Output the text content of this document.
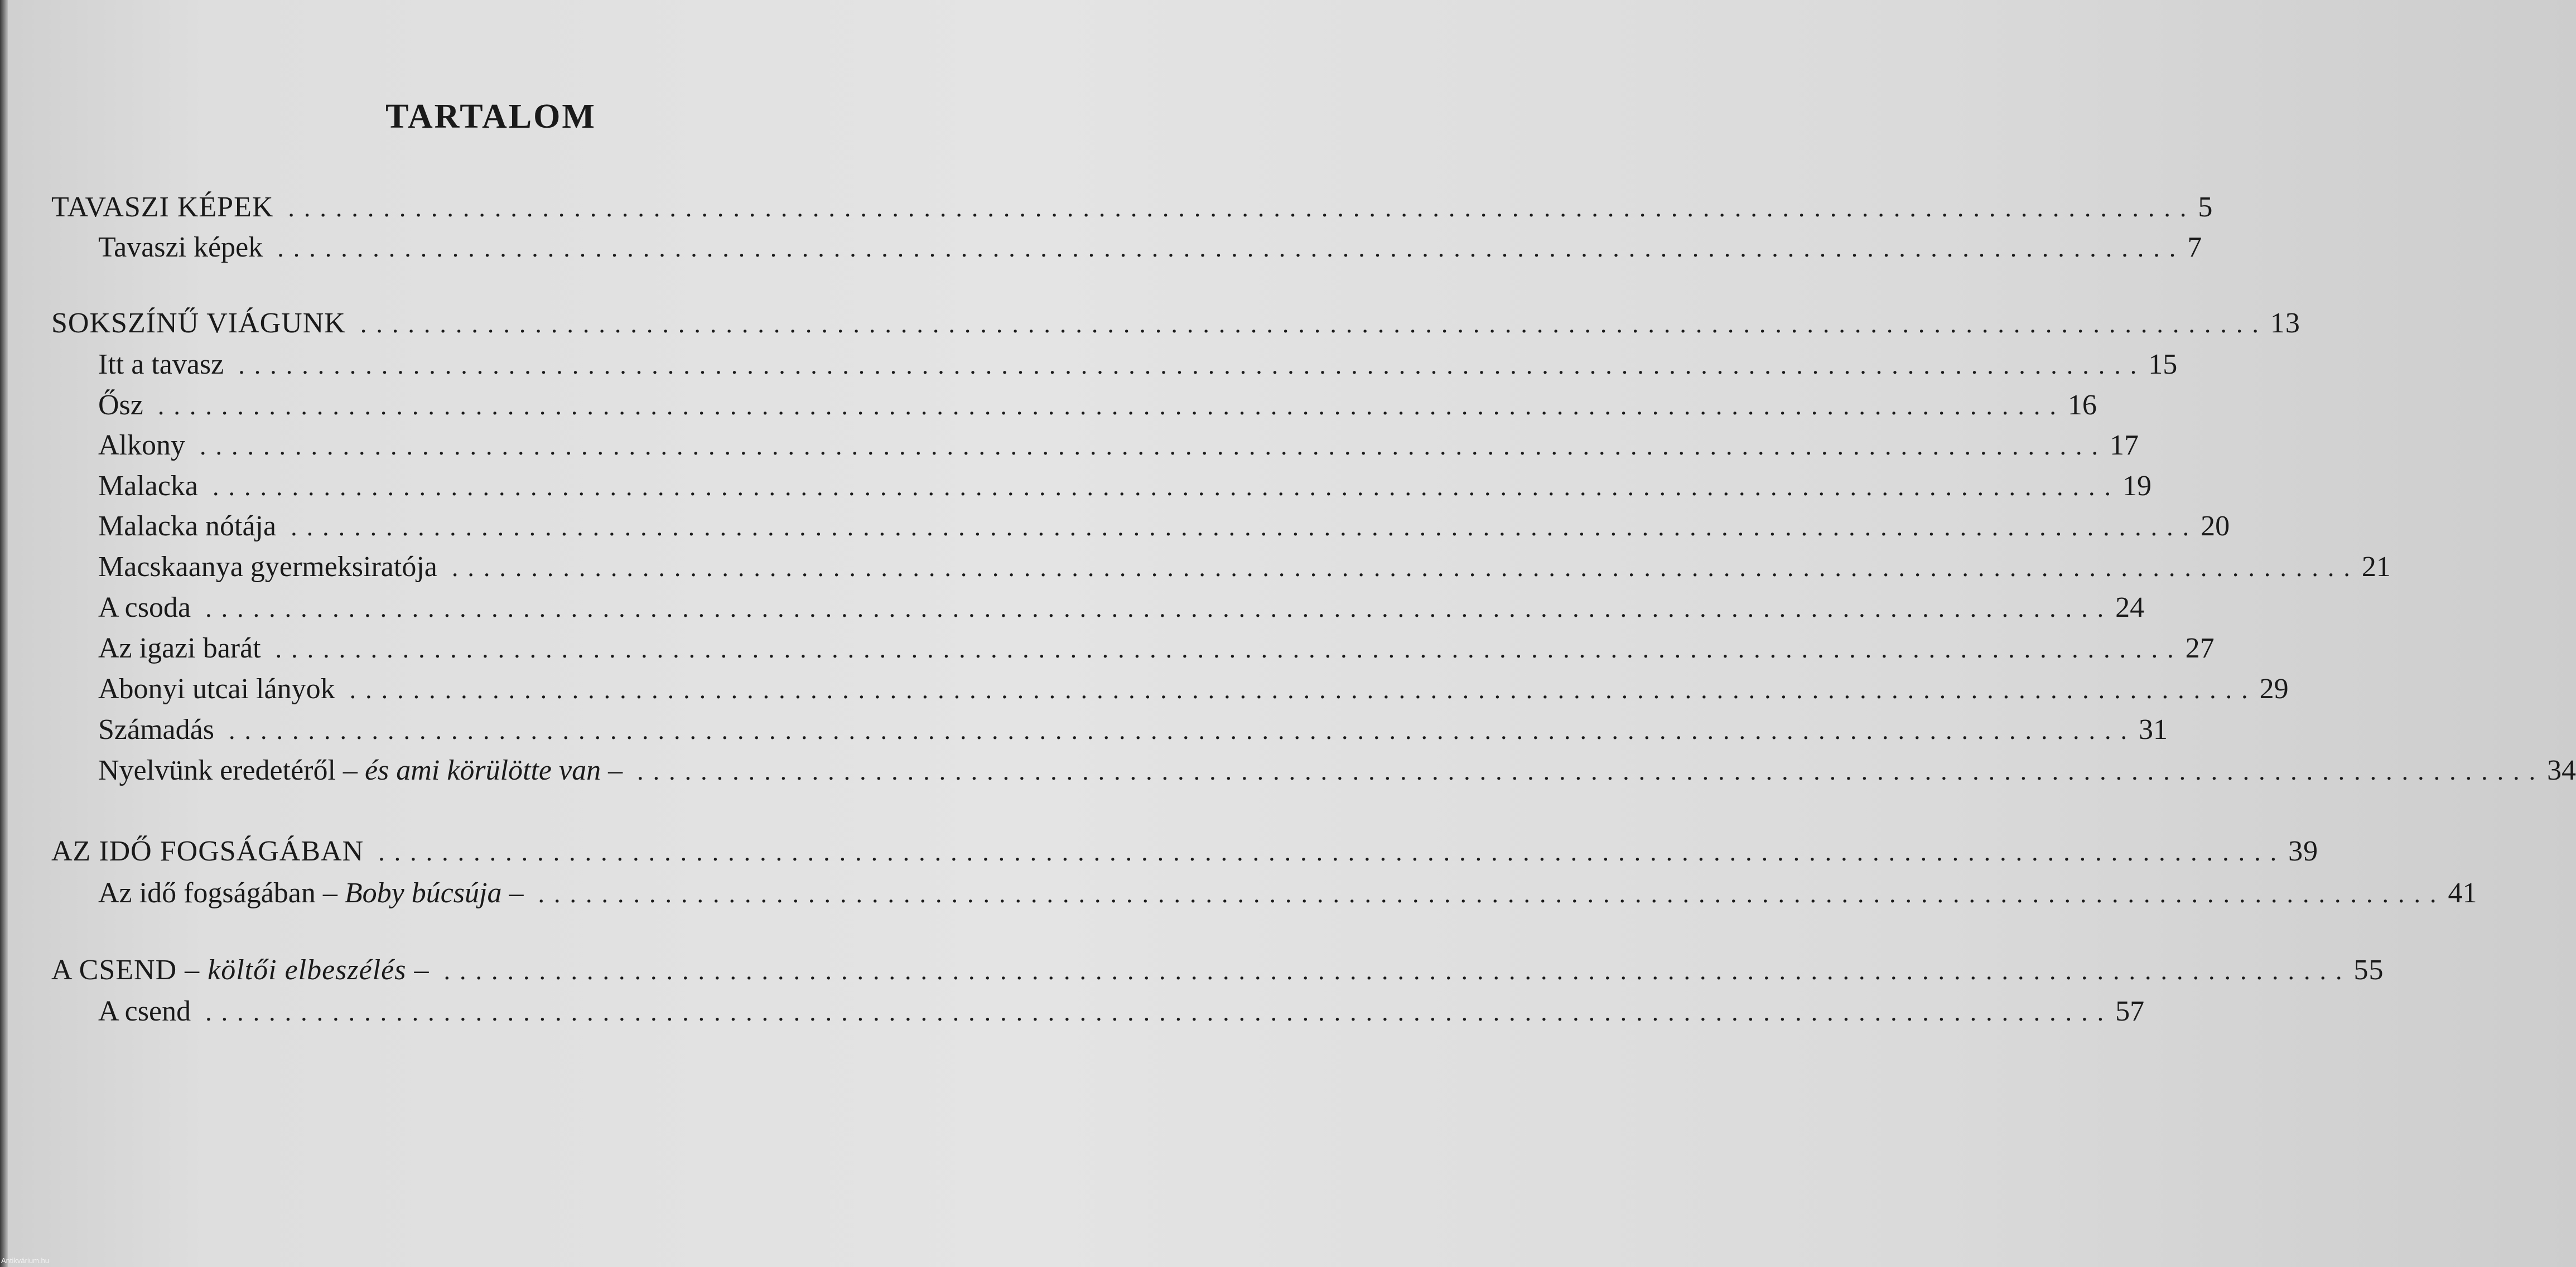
TARTALOM
TAVASZI KÉPEK ........................................................................................................................ 5
Tavaszi képek ........................................................................................................................ 7
SOKSZÍNŰ VIÁGUNK ........................................................................................................................ 13
Itt a tavasz ........................................................................................................................ 15
Ősz ........................................................................................................................ 16
Alkony ........................................................................................................................ 17
Malacka ........................................................................................................................ 19
Malacka nótája ........................................................................................................................ 20
Macskaanya gyermeksiratója ........................................................................................................................ 21
A csoda ........................................................................................................................ 24
Az igazi barát ........................................................................................................................ 27
Abonyi utcai lányok ........................................................................................................................ 29
Számadás ........................................................................................................................ 31
Nyelvünk eredetéről – és ami körülötte van – ........................................................................................................................ 34
AZ IDŐ FOGSÁGÁBAN ........................................................................................................................ 39
Az idő fogságában – Boby búcsúja – ........................................................................................................................ 41
A CSEND – költői elbeszélés – ........................................................................................................................ 55
A csend ........................................................................................................................ 57
Antikvárium.hu
